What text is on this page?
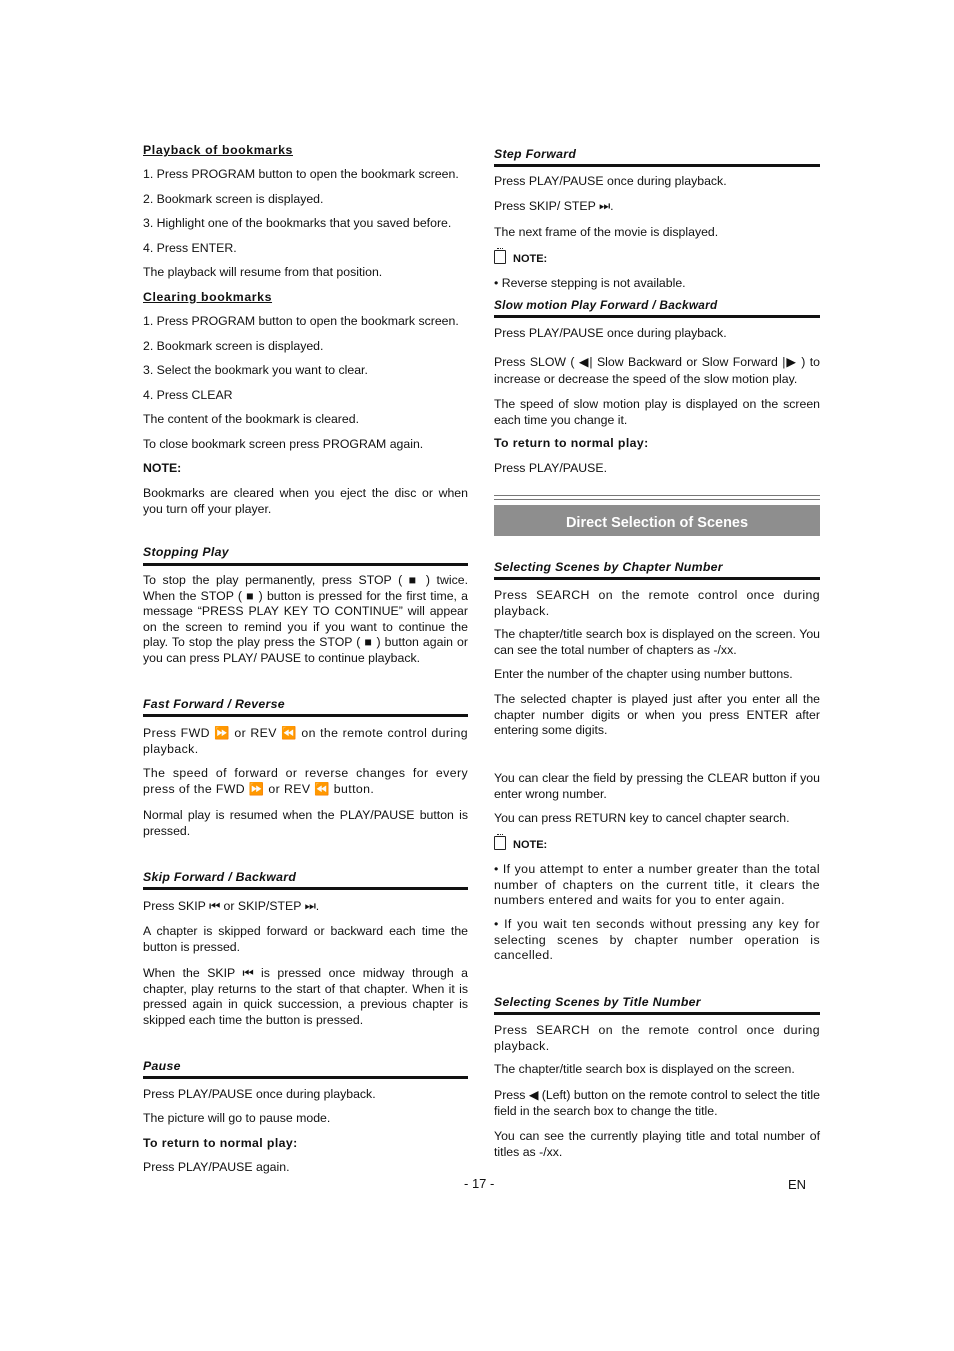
Playback of bookmarks
1. Press PROGRAM button to open the bookmark screen.
2. Bookmark screen is displayed.
3. Highlight one of the bookmarks that you saved before.
4. Press ENTER.
The playback will resume from that position.
Clearing bookmarks
1. Press PROGRAM button to open the bookmark screen.
2. Bookmark screen is displayed.
3. Select the bookmark you want to clear.
4. Press CLEAR
The content of the bookmark is cleared.
To close bookmark screen press PROGRAM again.
NOTE:
Bookmarks are cleared when you eject the disc or when you turn off your player.
Stopping Play
To stop the play permanently, press STOP ( ■ ) twice. When the STOP ( ■ ) button is pressed for the first time, a message “PRESS PLAY KEY TO CONTINUE” will appear on the screen to remind you if you want to continue the play. To stop the play press the STOP ( ■ ) button again or you can press PLAY/ PAUSE to continue playback.
Fast Forward / Reverse
Press FWD ⏩ or REV ⏪ on the remote control during playback.
The speed of forward or reverse changes for every press of the FWD ⏩ or REV ⏪ button.
Normal play is resumed when the PLAY/PAUSE button is pressed.
Skip Forward / Backward
Press SKIP ⏮ or SKIP/STEP ⏭.
A chapter is skipped forward or backward each time the button is pressed.
When the SKIP ⏮ is pressed once midway through a chapter, play returns to the start of that chapter. When it is pressed again in quick succession, a previous chapter is skipped each time the button is pressed.
Pause
Press PLAY/PAUSE once during playback.
The picture will go to pause mode.
To return to normal play:
Press PLAY/PAUSE again.
Step Forward
Press PLAY/PAUSE once during playback.
Press SKIP/ STEP ⏭.
The next frame of the movie is displayed.
NOTE:
• Reverse stepping is not available.
Slow motion Play Forward / Backward
Press PLAY/PAUSE once during playback.
Press SLOW ( ◀| Slow Backward or Slow Forward |▶ ) to increase or decrease the speed of the slow motion play.
The speed of slow motion play is displayed on the screen each time you change it.
To return to normal play:
Press PLAY/PAUSE.
Direct Selection of Scenes
Selecting Scenes by Chapter Number
Press SEARCH on the remote control once during playback.
The chapter/title search box is displayed on the screen. You can see the total number of chapters as -/xx.
Enter the number of the chapter using number buttons.
The selected chapter is played just after you enter all the chapter number digits or when you press ENTER after entering some digits.
You can clear the field by pressing the CLEAR button if you enter wrong number.
You can press RETURN key to cancel chapter search.
NOTE:
• If you attempt to enter a number greater than the total number of chapters on the current title, it clears the numbers entered and waits for you to enter again.
• If you wait ten seconds without pressing any key for selecting scenes by chapter number operation is cancelled.
Selecting Scenes by Title Number
Press SEARCH on the remote control once during playback.
The chapter/title search box is displayed on the screen.
Press ◀ (Left) button on the remote control to select the title field in the search box to change the title.
You can see the currently playing title and total number of titles as -/xx.
- 17 -	EN
